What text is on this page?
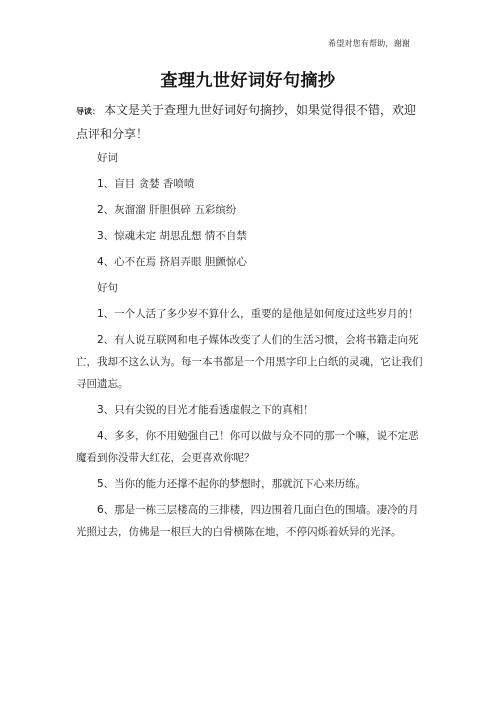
希望对您有帮助，谢谢
查理九世好词好句摘抄
导读： 本文是关于查理九世好词好句摘抄，如果觉得很不错，欢迎点评和分享！

好词

1、盲目 贪婪 香喷喷

2、灰溜溜 肝胆俱碎 五彩缤纷

3、惊魂未定 胡思乱想 情不自禁

4、心不在焉 挤眉弄眼 胆颤惊心

好句

1、一个人活了多少岁不算什么，重要的是他是如何度过这些岁月的！

2、有人说互联网和电子媒体改变了人们的生活习惯，会将书籍走向死亡，我却不这么认为。每一本书都是一个用黑字印上白纸的灵魂，它让我们寻回遗忘。

3、只有尖锐的目光才能看透虚假之下的真相！

4、多多，你不用勉强自己！你可以做与众不同的那一个嘛，说不定恶魔看到你没带大红花，会更喜欢你呢？

5、当你的能力还撑不起你的梦想时，那就沉下心来历练。

6、那是一栋三层楼高的三排楼，四边围着几面白色的围墙。凄冷的月光照过去，仿佛是一根巨大的白骨横陈在地，不停闪烁着妖异的光泽。
